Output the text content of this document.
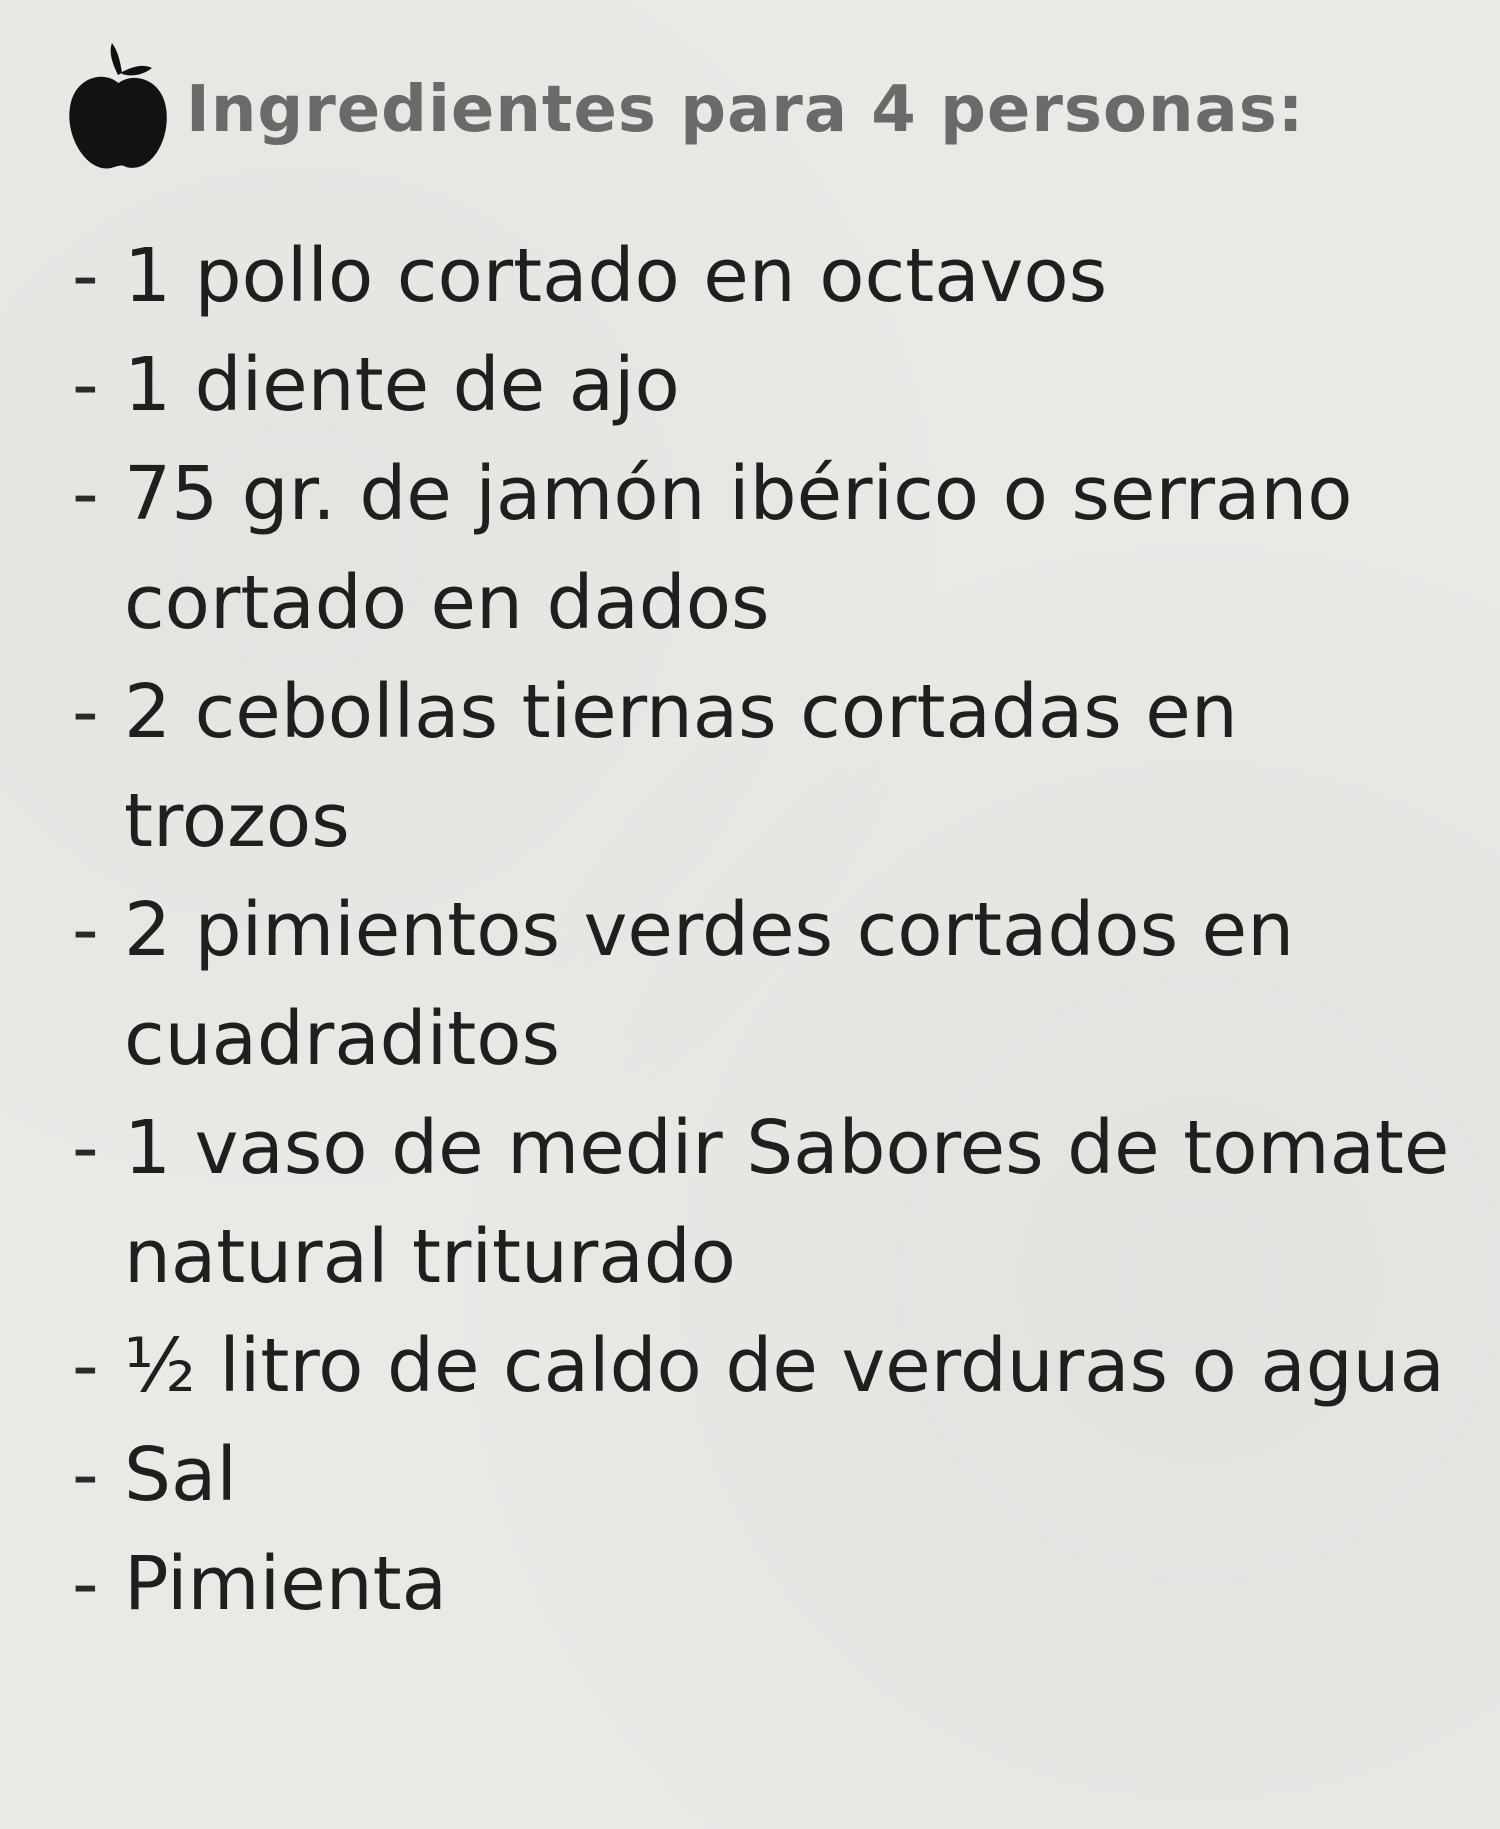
Ingredientes para 4 personas:
- 1 pollo cortado en octavos
- 1 diente de ajo
- 75 gr. de jamón ibérico o serrano cortado en dados
- 2 cebollas tiernas cortadas en trozos
- 2 pimientos verdes cortados en cuadraditos
- 1 vaso de medir Sabores de tomate natural triturado
- ½ litro de caldo de verduras o agua
- Sal
- Pimienta
